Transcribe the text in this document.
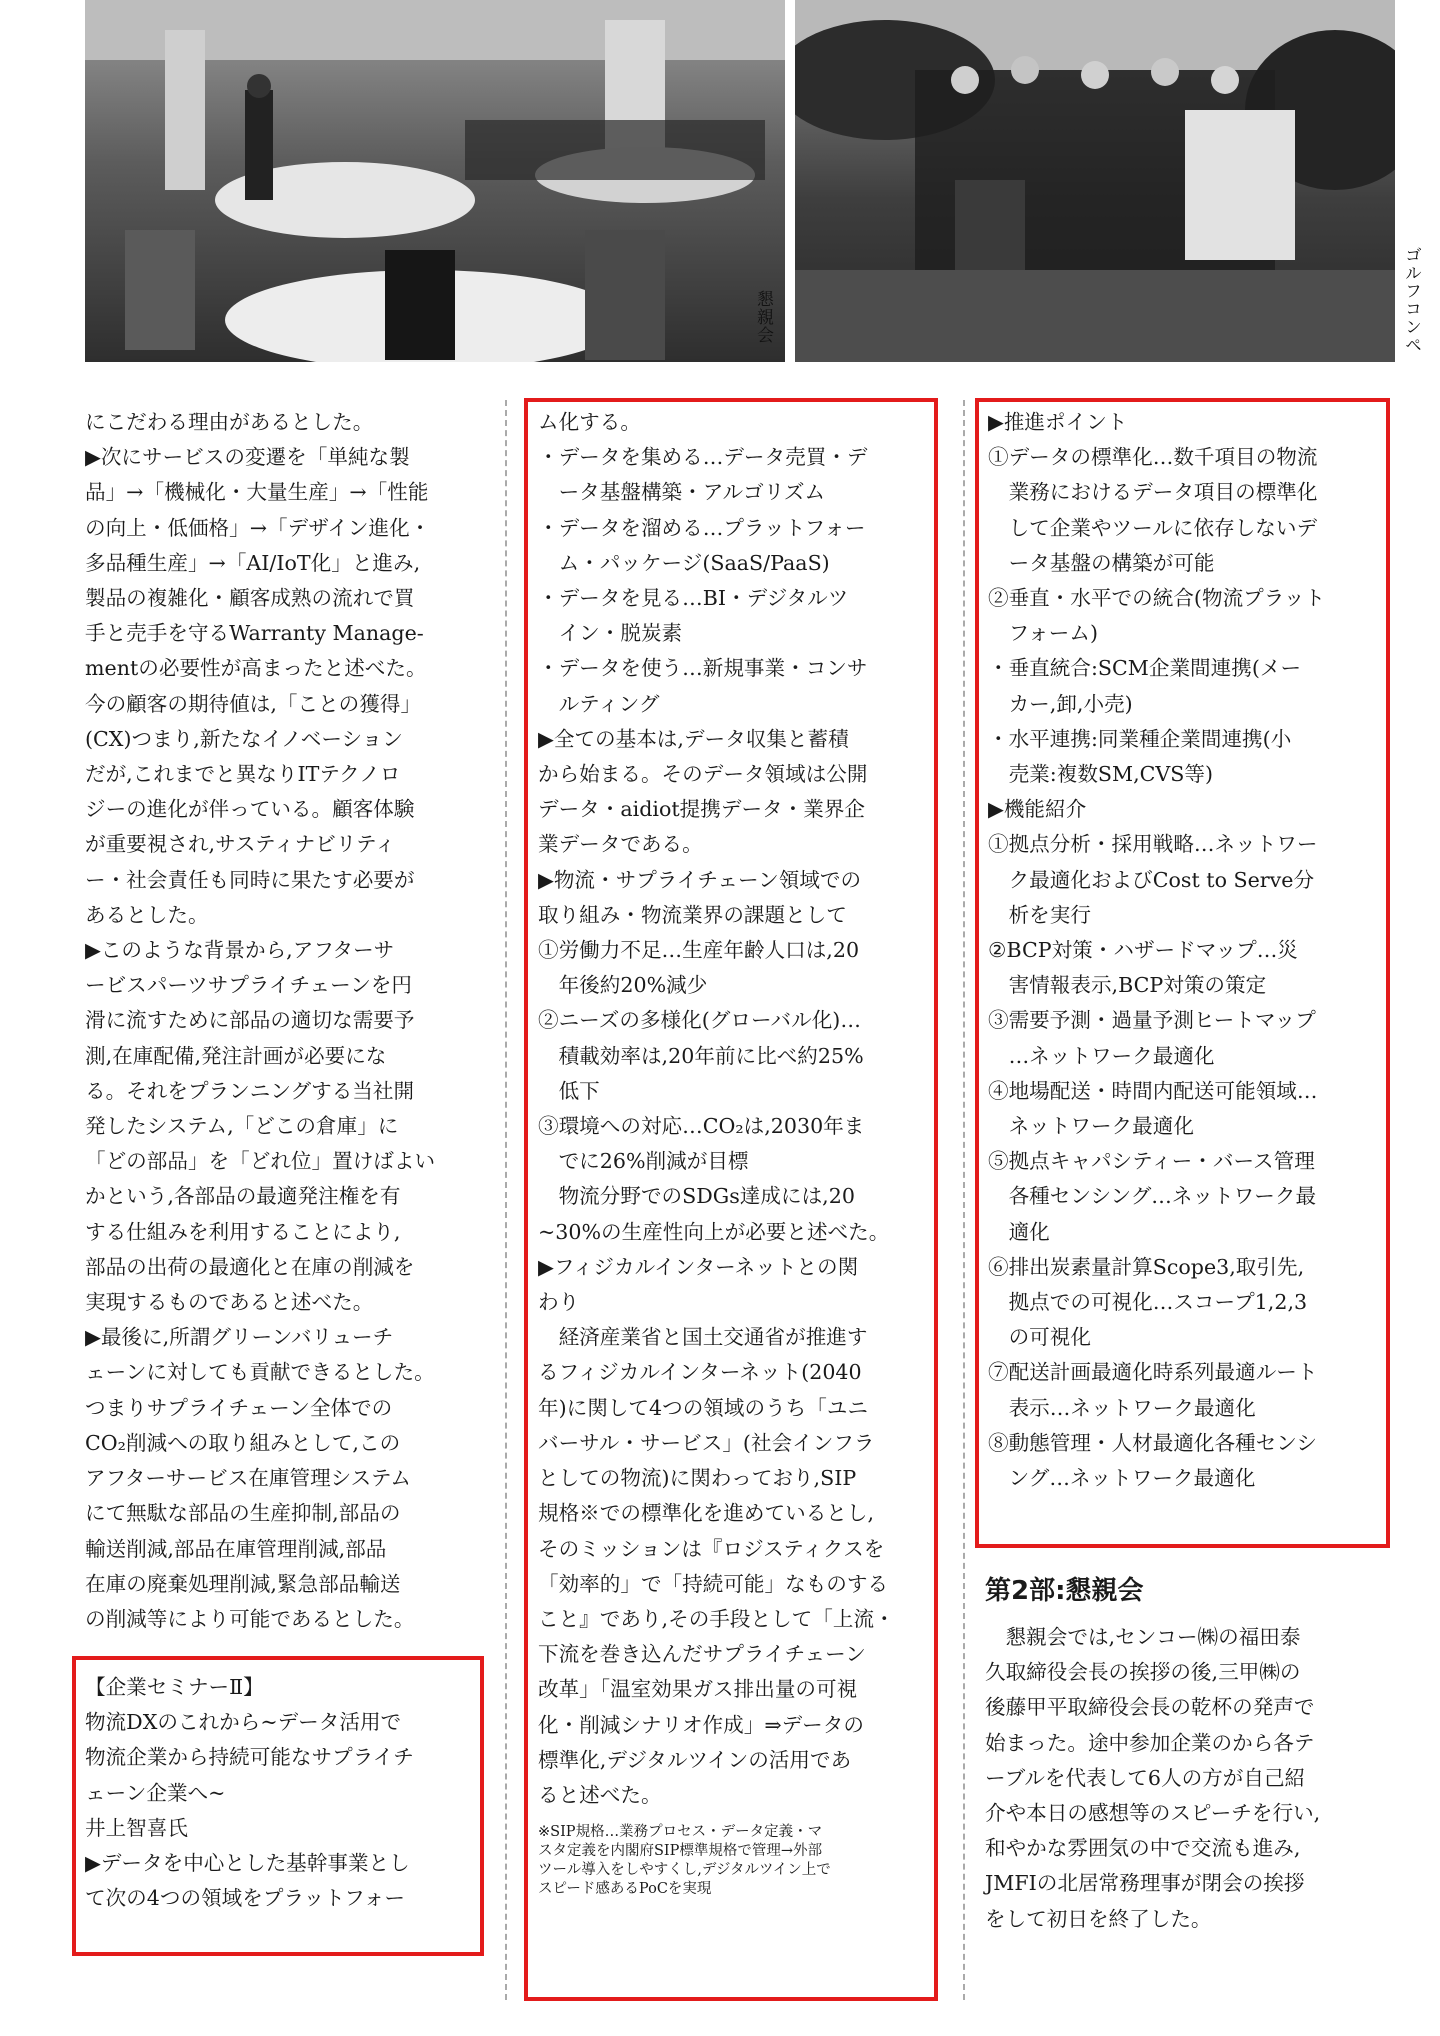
懇親会	ゴルフコンペ

にこだわる理由があるとした。

▶次にサービスの変遷を「単純な製

品」→「機械化・大量生産」→「性能

の向上・低価格」→「デザイン進化・

多品種生産」→「AI/IoT化」と進み,

製品の複雑化・顧客成熟の流れで買

手と売手を守るWarranty Manage-

mentの必要性が高まったと述べた。

今の顧客の期待値は,「ことの獲得」

(CX)つまり,新たなイノベーション

だが,これまでと異なりITテクノロ

ジーの進化が伴っている。顧客体験

が重要視され,サスティナビリティ

ー・社会責任も同時に果たす必要が

あるとした。

▶このような背景から,アフターサ

ービスパーツサプライチェーンを円

滑に流すために部品の適切な需要予

測,在庫配備,発注計画が必要にな

る。それをプランニングする当社開

発したシステム,「どこの倉庫」に

「どの部品」を「どれ位」置けばよい

かという,各部品の最適発注権を有

する仕組みを利用することにより,

部品の出荷の最適化と在庫の削減を

実現するものであると述べた。

▶最後に,所謂グリーンバリューチ

ェーンに対しても貢献できるとした。

つまりサプライチェーン全体での

CO₂削減への取り組みとして,この

アフターサービス在庫管理システム

にて無駄な部品の生産抑制,部品の

輸送削減,部品在庫管理削減,部品

在庫の廃棄処理削減,緊急部品輸送

の削減等により可能であるとした。

【企業セミナーⅡ】

物流DXのこれから~データ活用で

物流企業から持続可能なサプライチ

ェーン企業へ~

井上智喜氏

▶データを中心とした基幹事業とし

て次の4つの領域をプラットフォー

ム化する。

・データを集める…データ売買・デ

　ータ基盤構築・アルゴリズム

・データを溜める…プラットフォー

　ム・パッケージ(SaaS/PaaS)

・データを見る…BI・デジタルツ

　イン・脱炭素

・データを使う…新規事業・コンサ

　ルティング

▶全ての基本は,データ収集と蓄積

から始まる。そのデータ領域は公開

データ・aidiot提携データ・業界企

業データである。

▶物流・サプライチェーン領域での

取り組み・物流業界の課題として

①労働力不足…生産年齢人口は,20

　年後約20%減少

②ニーズの多様化(グローバル化)…

　積載効率は,20年前に比べ約25%

　低下

③環境への対応…CO₂は,2030年ま

　でに26%削減が目標

　物流分野でのSDGs達成には,20

~30%の生産性向上が必要と述べた。

▶フィジカルインターネットとの関

わり

　経済産業省と国土交通省が推進す

るフィジカルインターネット(2040

年)に関して4つの領域のうち「ユニ

バーサル・サービス」(社会インフラ

としての物流)に関わっており,SIP

規格※での標準化を進めているとし,

そのミッションは『ロジスティクスを

「効率的」で「持続可能」なものする

こと』であり,その手段として「上流・

下流を巻き込んだサプライチェーン

改革」「温室効果ガス排出量の可視

化・削減シナリオ作成」⇒データの

標準化,デジタルツインの活用であ

ると述べた。

※SIP規格…業務プロセス・データ定義・マ

スタ定義を内閣府SIP標準規格で管理→外部

ツール導入をしやすくし,デジタルツイン上で

スピード感あるPoCを実現

▶推進ポイント

①データの標準化…数千項目の物流

　業務におけるデータ項目の標準化

　して企業やツールに依存しないデ

　ータ基盤の構築が可能

②垂直・水平での統合(物流プラット

　フォーム)

・垂直統合:SCM企業間連携(メー

　カー,卸,小売)

・水平連携:同業種企業間連携(小

　売業:複数SM,CVS等)

▶機能紹介

①拠点分析・採用戦略…ネットワー

　ク最適化およびCost to Serve分

　析を実行

②BCP対策・ハザードマップ…災

　害情報表示,BCP対策の策定

③需要予測・過量予測ヒートマップ

　…ネットワーク最適化

④地場配送・時間内配送可能領域…

　ネットワーク最適化

⑤拠点キャパシティー・バース管理

　各種センシング…ネットワーク最

　適化

⑥排出炭素量計算Scope3,取引先,

　拠点での可視化…スコープ1,2,3

　の可視化

⑦配送計画最適化時系列最適ルート

　表示…ネットワーク最適化

⑧動態管理・人材最適化各種センシ

　ング…ネットワーク最適化

第2部:懇親会

　懇親会では,センコー㈱の福田泰

久取締役会長の挨拶の後,三甲㈱の

後藤甲平取締役会長の乾杯の発声で

始まった。途中参加企業のから各テ

ーブルを代表して6人の方が自己紹

介や本日の感想等のスピーチを行い,

和やかな雰囲気の中で交流も進み,

JMFIの北居常務理事が閉会の挨拶

をして初日を終了した。
